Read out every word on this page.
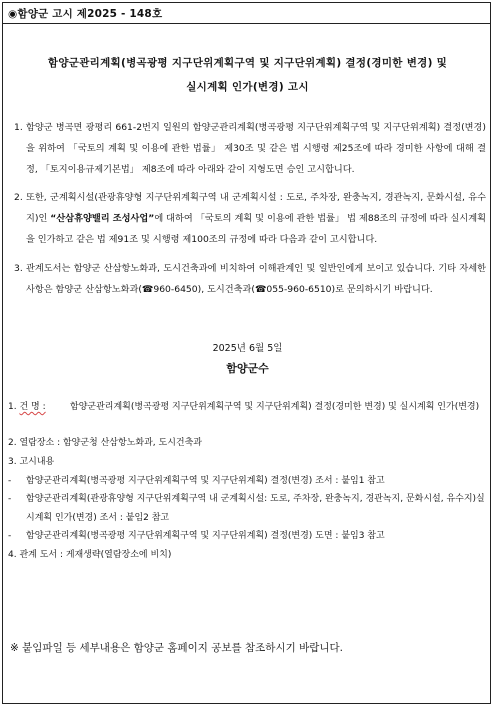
◉함양군 고시 제2025 - 148호
함양군관리계획(병곡광평 지구단위계획구역 및 지구단위계획) 결정(경미한 변경) 및
실시계획 인가(변경) 고시
1. 함양군 병곡면 광평리 661-2번지 일원의 함양군관리계획(병곡광평 지구단위계획구역 및 지구단위계획) 결정(변경)을 위하여 「국토의 계획 및 이용에 관한 법률」 제30조 및 같은 법 시행령 제25조에 따라 경미한 사항에 대해 결정, 「토지이용규제기본법」 제8조에 따라 아래와 같이 지형도면 승인 고시합니다.
2. 또한, 군계획시설(관광휴양형 지구단위계획구역 내 군계획시설 : 도로, 주차장, 완충녹지, 경관녹지, 문화시설, 유수지)인 “산삼휴양밸리 조성사업”에 대하여 「국토의 계획 및 이용에 관한 법률」 법 제88조의 규정에 따라 실시계획을 인가하고 같은 법 제91조 및 시행령 제100조의 규정에 따라 다음과 같이 고시합니다.
3. 관계도서는 함양군 산삼항노화과, 도시건축과에 비치하여 이해관계인 및 일반인에게 보이고 있습니다. 기타 자세한 사항은 함양군 산삼항노화과(☎960-6450), 도시건축과(☎055-960-6510)로 문의하시기 바랍니다.
2025년 6월 5일
함양군수
1. 건 명 :	함양군관리계획(병곡광평 지구단위계획구역 및 지구단위계획) 결정(경미한 변경) 및 실시계획 인가(변경)
2. 열람장소 : 함양군청 산삼항노화과, 도시건축과
3. 고시내용
- 함양군관리계획(병곡광평 지구단위계획구역 및 지구단위계획) 결정(변경) 조서 : 붙임1 참고
- 함양군관리계획(관광휴양형 지구단위계획구역 내 군계획시설: 도로, 주차장, 완충녹지, 경관녹지, 문화시설, 유수지)실시계획 인가(변경) 조서 : 붙임2 참고
- 함양군관리계획(병곡광평 지구단위계획구역 및 지구단위계획) 결정(변경) 도면 : 붙임3 참고
4. 관계 도서 : 게재생략(열람장소에 비치)
※ 붙임파일 등 세부내용은 함양군 홈페이지 공보를 참조하시기 바랍니다.
